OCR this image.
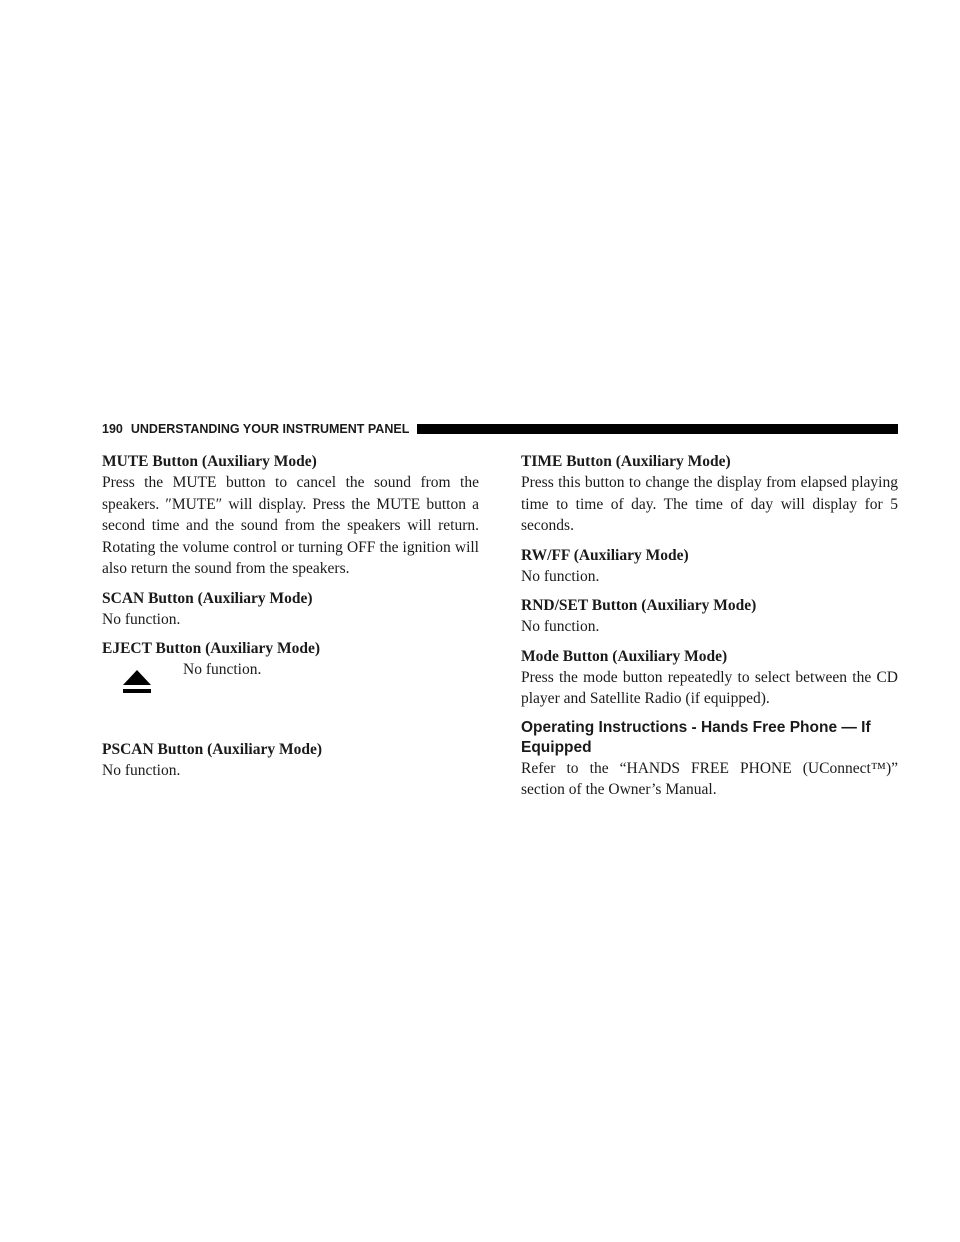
190 UNDERSTANDING YOUR INSTRUMENT PANEL

MUTE Button (Auxiliary Mode)

Press the MUTE button to cancel the sound from the speakers. ″MUTE″ will display. Press the MUTE button a second time and the sound from the speakers will return. Rotating the volume control or turning OFF the ignition will also return the sound from the speakers.

SCAN Button (Auxiliary Mode)

No function.

EJECT Button (Auxiliary Mode)

No function.

PSCAN Button (Auxiliary Mode)

No function.

TIME Button (Auxiliary Mode)

Press this button to change the display from elapsed playing time to time of day. The time of day will display for 5 seconds.

RW/FF (Auxiliary Mode)

No function.

RND/SET Button (Auxiliary Mode)

No function.

Mode Button (Auxiliary Mode)

Press the mode button repeatedly to select between the CD player and Satellite Radio (if equipped).

Operating Instructions - Hands Free Phone — If Equipped

Refer to the “HANDS FREE PHONE (UConnect™)” section of the Owner’s Manual.
